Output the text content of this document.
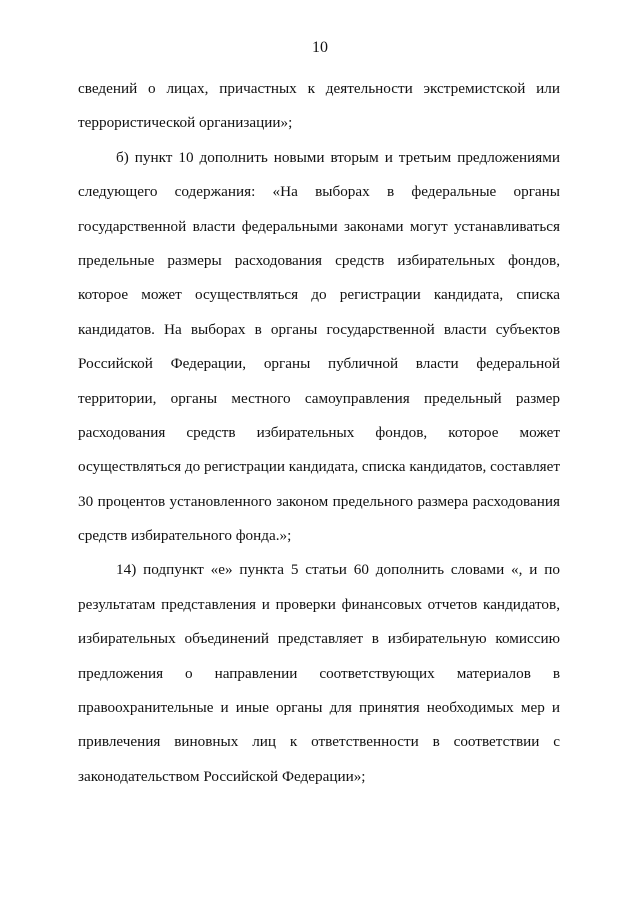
10
сведений о лицах, причастных к деятельности экстремистской или
террористической организации»;
б) пункт 10 дополнить новыми вторым и третьим предложениями
следующего содержания: «На выборах в федеральные органы
государственной власти федеральными законами могут устанавливаться
предельные размеры расходования средств избирательных фондов,
которое может осуществляться до регистрации кандидата, списка
кандидатов. На выборах в органы государственной власти субъектов
Российской Федерации, органы публичной власти федеральной
территории, органы местного самоуправления предельный размер
расходования средств избирательных фондов, которое может
осуществляться до регистрации кандидата, списка кандидатов, составляет
30 процентов установленного законом предельного размера расходования
средств избирательного фонда.»;
14) подпункт «е» пункта 5 статьи 60 дополнить словами «, и по
результатам представления и проверки финансовых отчетов кандидатов,
избирательных объединений представляет в избирательную комиссию
предложения о направлении соответствующих материалов в
правоохранительные и иные органы для принятия необходимых мер и
привлечения виновных лиц к ответственности в соответствии с
законодательством Российской Федерации»;
